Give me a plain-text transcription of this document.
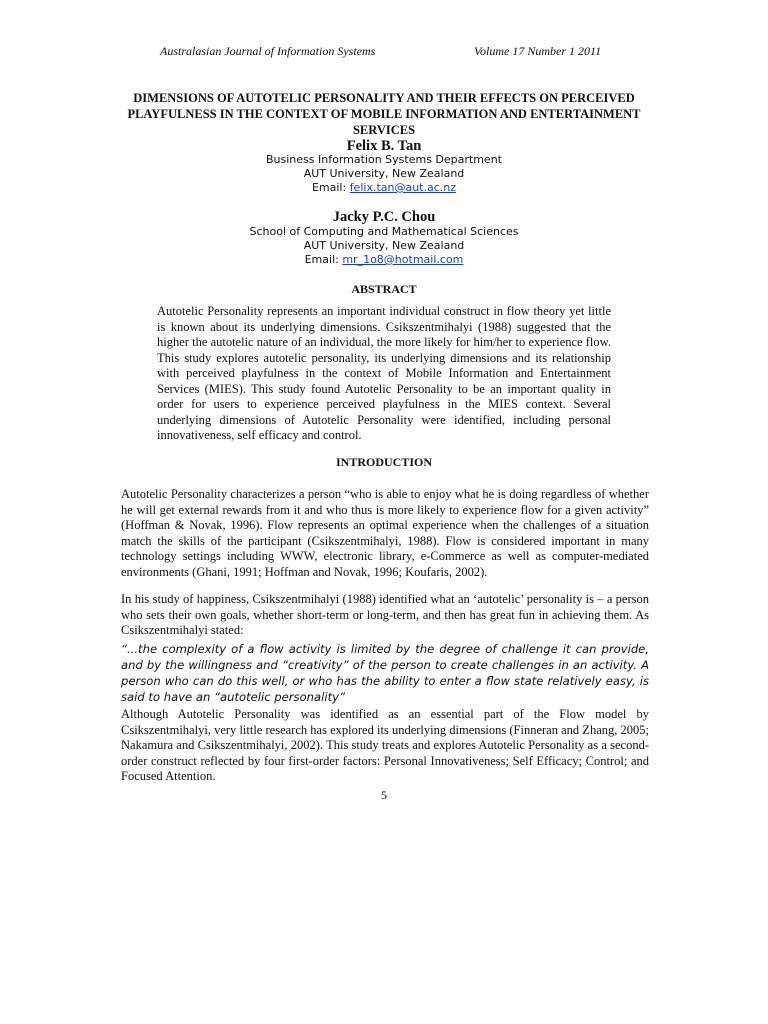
Australasian Journal of Information Systems	Volume 17 Number 1 2011
DIMENSIONS OF AUTOTELIC PERSONALITY AND THEIR EFFECTS ON PERCEIVED PLAYFULNESS IN THE CONTEXT OF MOBILE INFORMATION AND ENTERTAINMENT SERVICES
Felix B. Tan
Business Information Systems Department
AUT University, New Zealand
Email: felix.tan@aut.ac.nz
Jacky P.C. Chou
School of Computing and Mathematical Sciences
AUT University, New Zealand
Email: mr_1o8@hotmail.com
ABSTRACT
Autotelic Personality represents an important individual construct in flow theory yet little is known about its underlying dimensions. Csikszentmihalyi (1988) suggested that the higher the autotelic nature of an individual, the more likely for him/her to experience flow. This study explores autotelic personality, its underlying dimensions and its relationship with perceived playfulness in the context of Mobile Information and Entertainment Services (MIES). This study found Autotelic Personality to be an important quality in order for users to experience perceived playfulness in the MIES context. Several underlying dimensions of Autotelic Personality were identified, including personal innovativeness, self efficacy and control.
INTRODUCTION

Autotelic Personality characterizes a person “who is able to enjoy what he is doing regardless of whether he will get external rewards from it and who thus is more likely to experience flow for a given activity” (Hoffman & Novak, 1996). Flow represents an optimal experience when the challenges of a situation match the skills of the participant (Csikszentmihalyi, 1988). Flow is considered important in many technology settings including WWW, electronic library, e-Commerce as well as computer-mediated environments (Ghani, 1991; Hoffman and Novak, 1996; Koufaris, 2002).

In his study of happiness, Csikszentmihalyi (1988) identified what an ‘autotelic’ personality is – a person who sets their own goals, whether short-term or long-term, and then has great fun in achieving them. As Csikszentmihalyi stated:

“...the complexity of a flow activity is limited by the degree of challenge it can provide, and by the willingness and “creativity” of the person to create challenges in an activity. A person who can do this well, or who has the ability to enter a flow state relatively easy, is said to have an “autotelic personality”

Although Autotelic Personality was identified as an essential part of the Flow model by Csikszentmihalyi, very little research has explored its underlying dimensions (Finneran and Zhang, 2005; Nakamura and Csikszentmihalyi, 2002). This study treats and explores Autotelic Personality as a second-order construct reflected by four first-order factors: Personal Innovativeness; Self Efficacy; Control; and Focused Attention.

5
